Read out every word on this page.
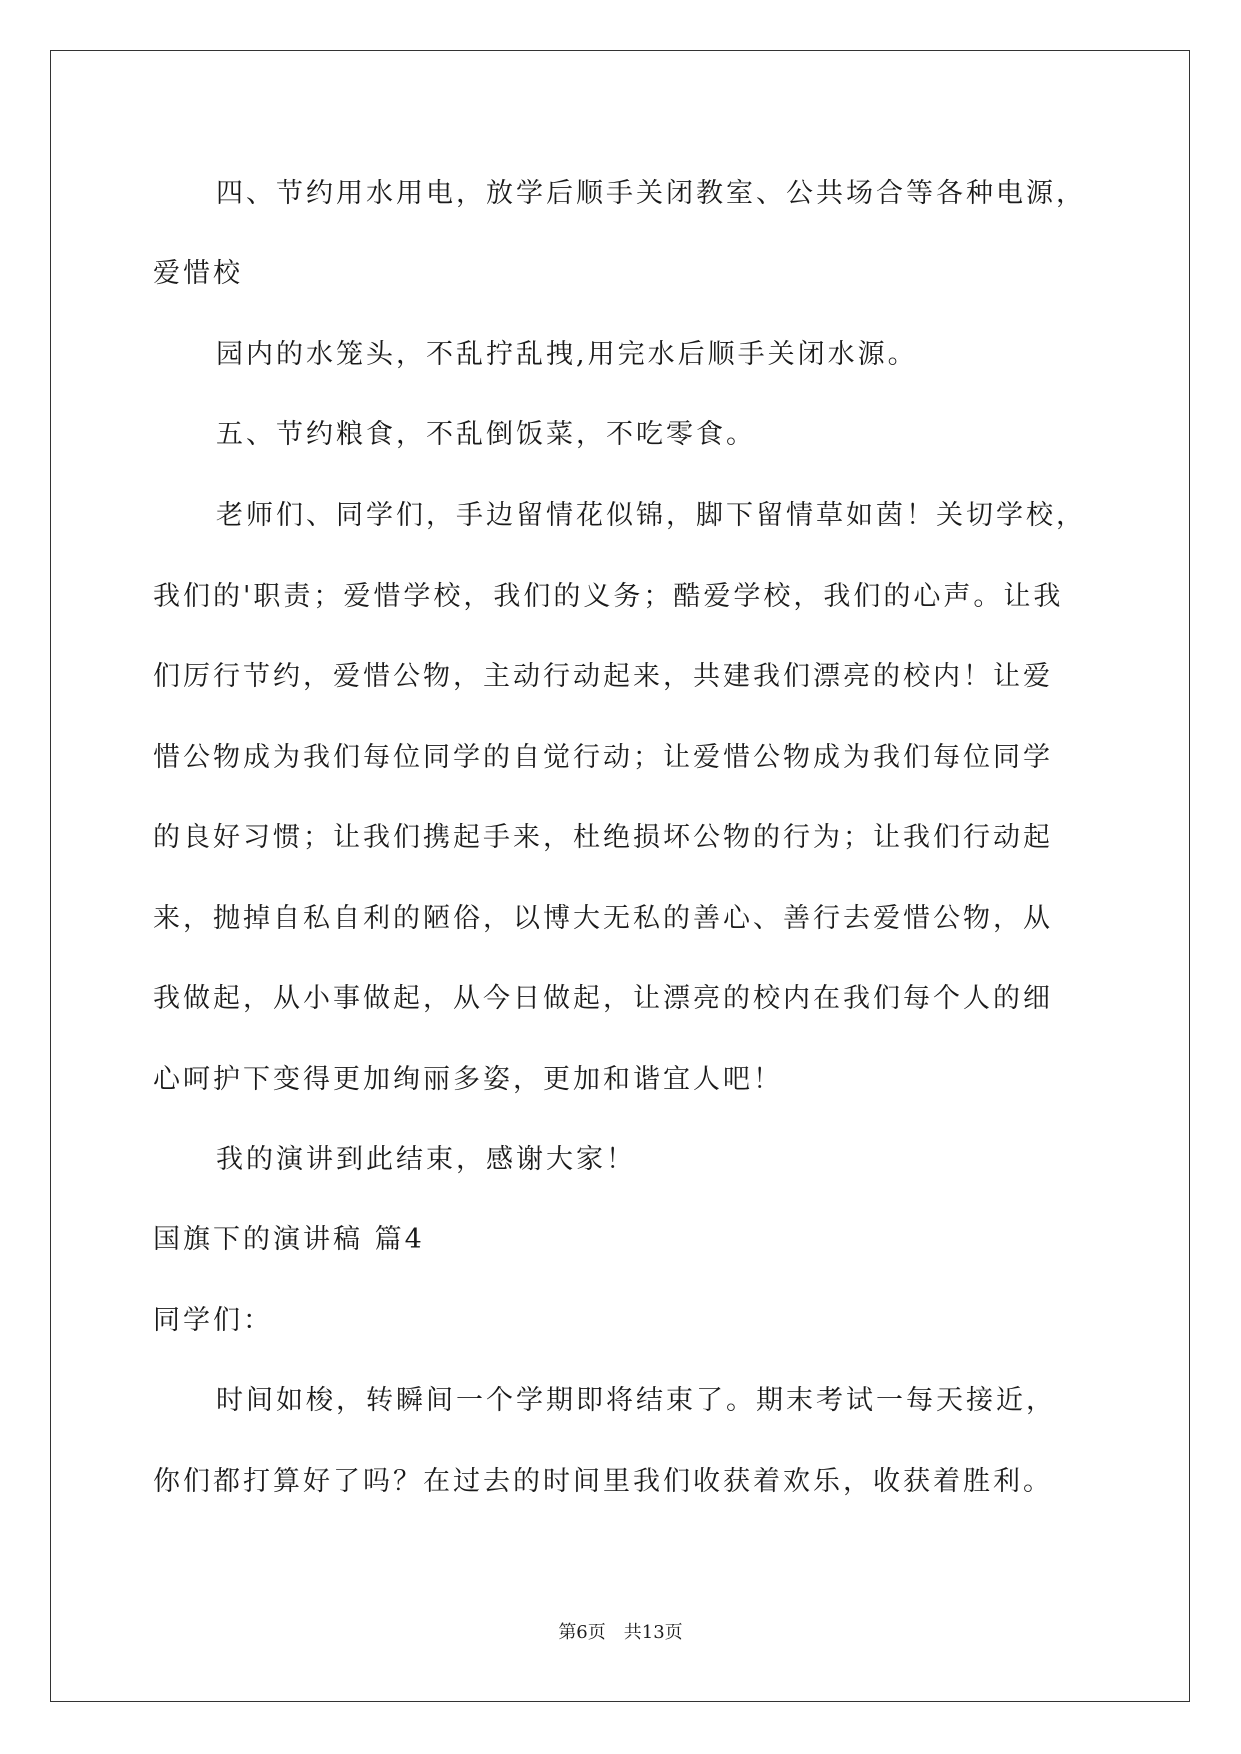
四、节约用水用电，放学后顺手关闭教室、公共场合等各种电源，
爱惜校
园内的水笼头，不乱拧乱拽,用完水后顺手关闭水源。
五、节约粮食，不乱倒饭菜，不吃零食。
老师们、同学们，手边留情花似锦，脚下留情草如茵！关切学校，
我们的'职责；爱惜学校，我们的义务；酷爱学校，我们的心声。让我
们厉行节约，爱惜公物，主动行动起来，共建我们漂亮的校内！让爱
惜公物成为我们每位同学的自觉行动；让爱惜公物成为我们每位同学
的良好习惯；让我们携起手来，杜绝损坏公物的行为；让我们行动起
来，抛掉自私自利的陋俗，以博大无私的善心、善行去爱惜公物，从
我做起，从小事做起，从今日做起，让漂亮的校内在我们每个人的细
心呵护下变得更加绚丽多姿，更加和谐宜人吧！
我的演讲到此结束，感谢大家！
国旗下的演讲稿 篇4
同学们：
时间如梭，转瞬间一个学期即将结束了。期末考试一每天接近，
你们都打算好了吗？在过去的时间里我们收获着欢乐，收获着胜利。
第6页　共13页
